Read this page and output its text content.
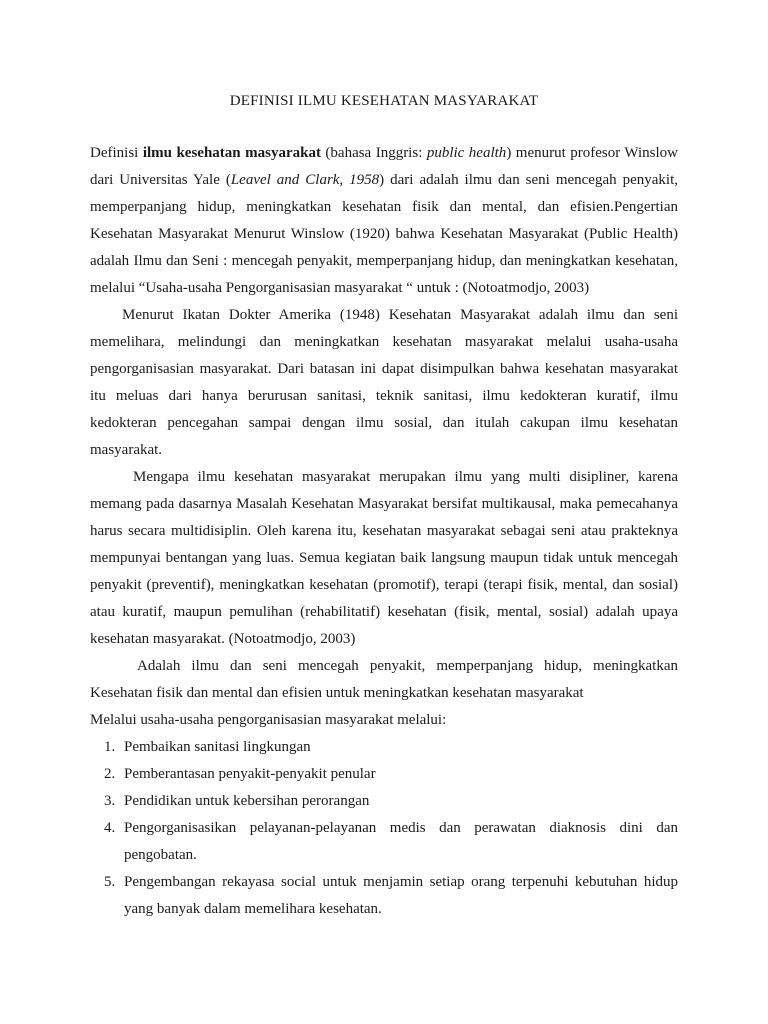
DEFINISI ILMU KESEHATAN MASYARAKAT

Definisi ilmu kesehatan masyarakat (bahasa Inggris: public health) menurut profesor Winslow dari Universitas Yale (Leavel and Clark, 1958) dari adalah ilmu dan seni mencegah penyakit, memperpanjang hidup, meningkatkan kesehatan fisik dan mental, dan efisien.Pengertian Kesehatan Masyarakat Menurut Winslow (1920) bahwa Kesehatan Masyarakat (Public Health) adalah Ilmu dan Seni : mencegah penyakit, memperpanjang hidup, dan meningkatkan kesehatan, melalui “Usaha-usaha Pengorganisasian masyarakat “ untuk : (Notoatmodjo, 2003)

Menurut Ikatan Dokter Amerika (1948) Kesehatan Masyarakat adalah ilmu dan seni memelihara, melindungi dan meningkatkan kesehatan masyarakat melalui usaha-usaha pengorganisasian masyarakat. Dari batasan ini dapat disimpulkan bahwa kesehatan masyarakat itu meluas dari hanya berurusan sanitasi, teknik sanitasi, ilmu kedokteran kuratif, ilmu kedokteran pencegahan sampai dengan ilmu sosial, dan itulah cakupan ilmu kesehatan masyarakat.

Mengapa ilmu kesehatan masyarakat merupakan ilmu yang multi disipliner, karena memang pada dasarnya Masalah Kesehatan Masyarakat bersifat multikausal, maka pemecahanya harus secara multidisiplin. Oleh karena itu, kesehatan masyarakat sebagai seni atau prakteknya mempunyai bentangan yang luas. Semua kegiatan baik langsung maupun tidak untuk mencegah penyakit (preventif), meningkatkan kesehatan (promotif), terapi (terapi fisik, mental, dan sosial) atau kuratif, maupun pemulihan (rehabilitatif) kesehatan (fisik, mental, sosial) adalah upaya kesehatan masyarakat. (Notoatmodjo, 2003)

Adalah ilmu dan seni mencegah penyakit, memperpanjang hidup, meningkatkan Kesehatan fisik dan mental dan efisien untuk meningkatkan kesehatan masyarakat

Melalui usaha-usaha pengorganisasian masyarakat melalui:

1. Pembaikan sanitasi lingkungan
2. Pemberantasan penyakit-penyakit penular
3. Pendidikan untuk kebersihan perorangan
4. Pengorganisasikan pelayanan-pelayanan medis dan perawatan diaknosis dini dan pengobatan.
5. Pengembangan rekayasa social untuk menjamin setiap orang terpenuhi kebutuhan hidup yang banyak dalam memelihara kesehatan.
